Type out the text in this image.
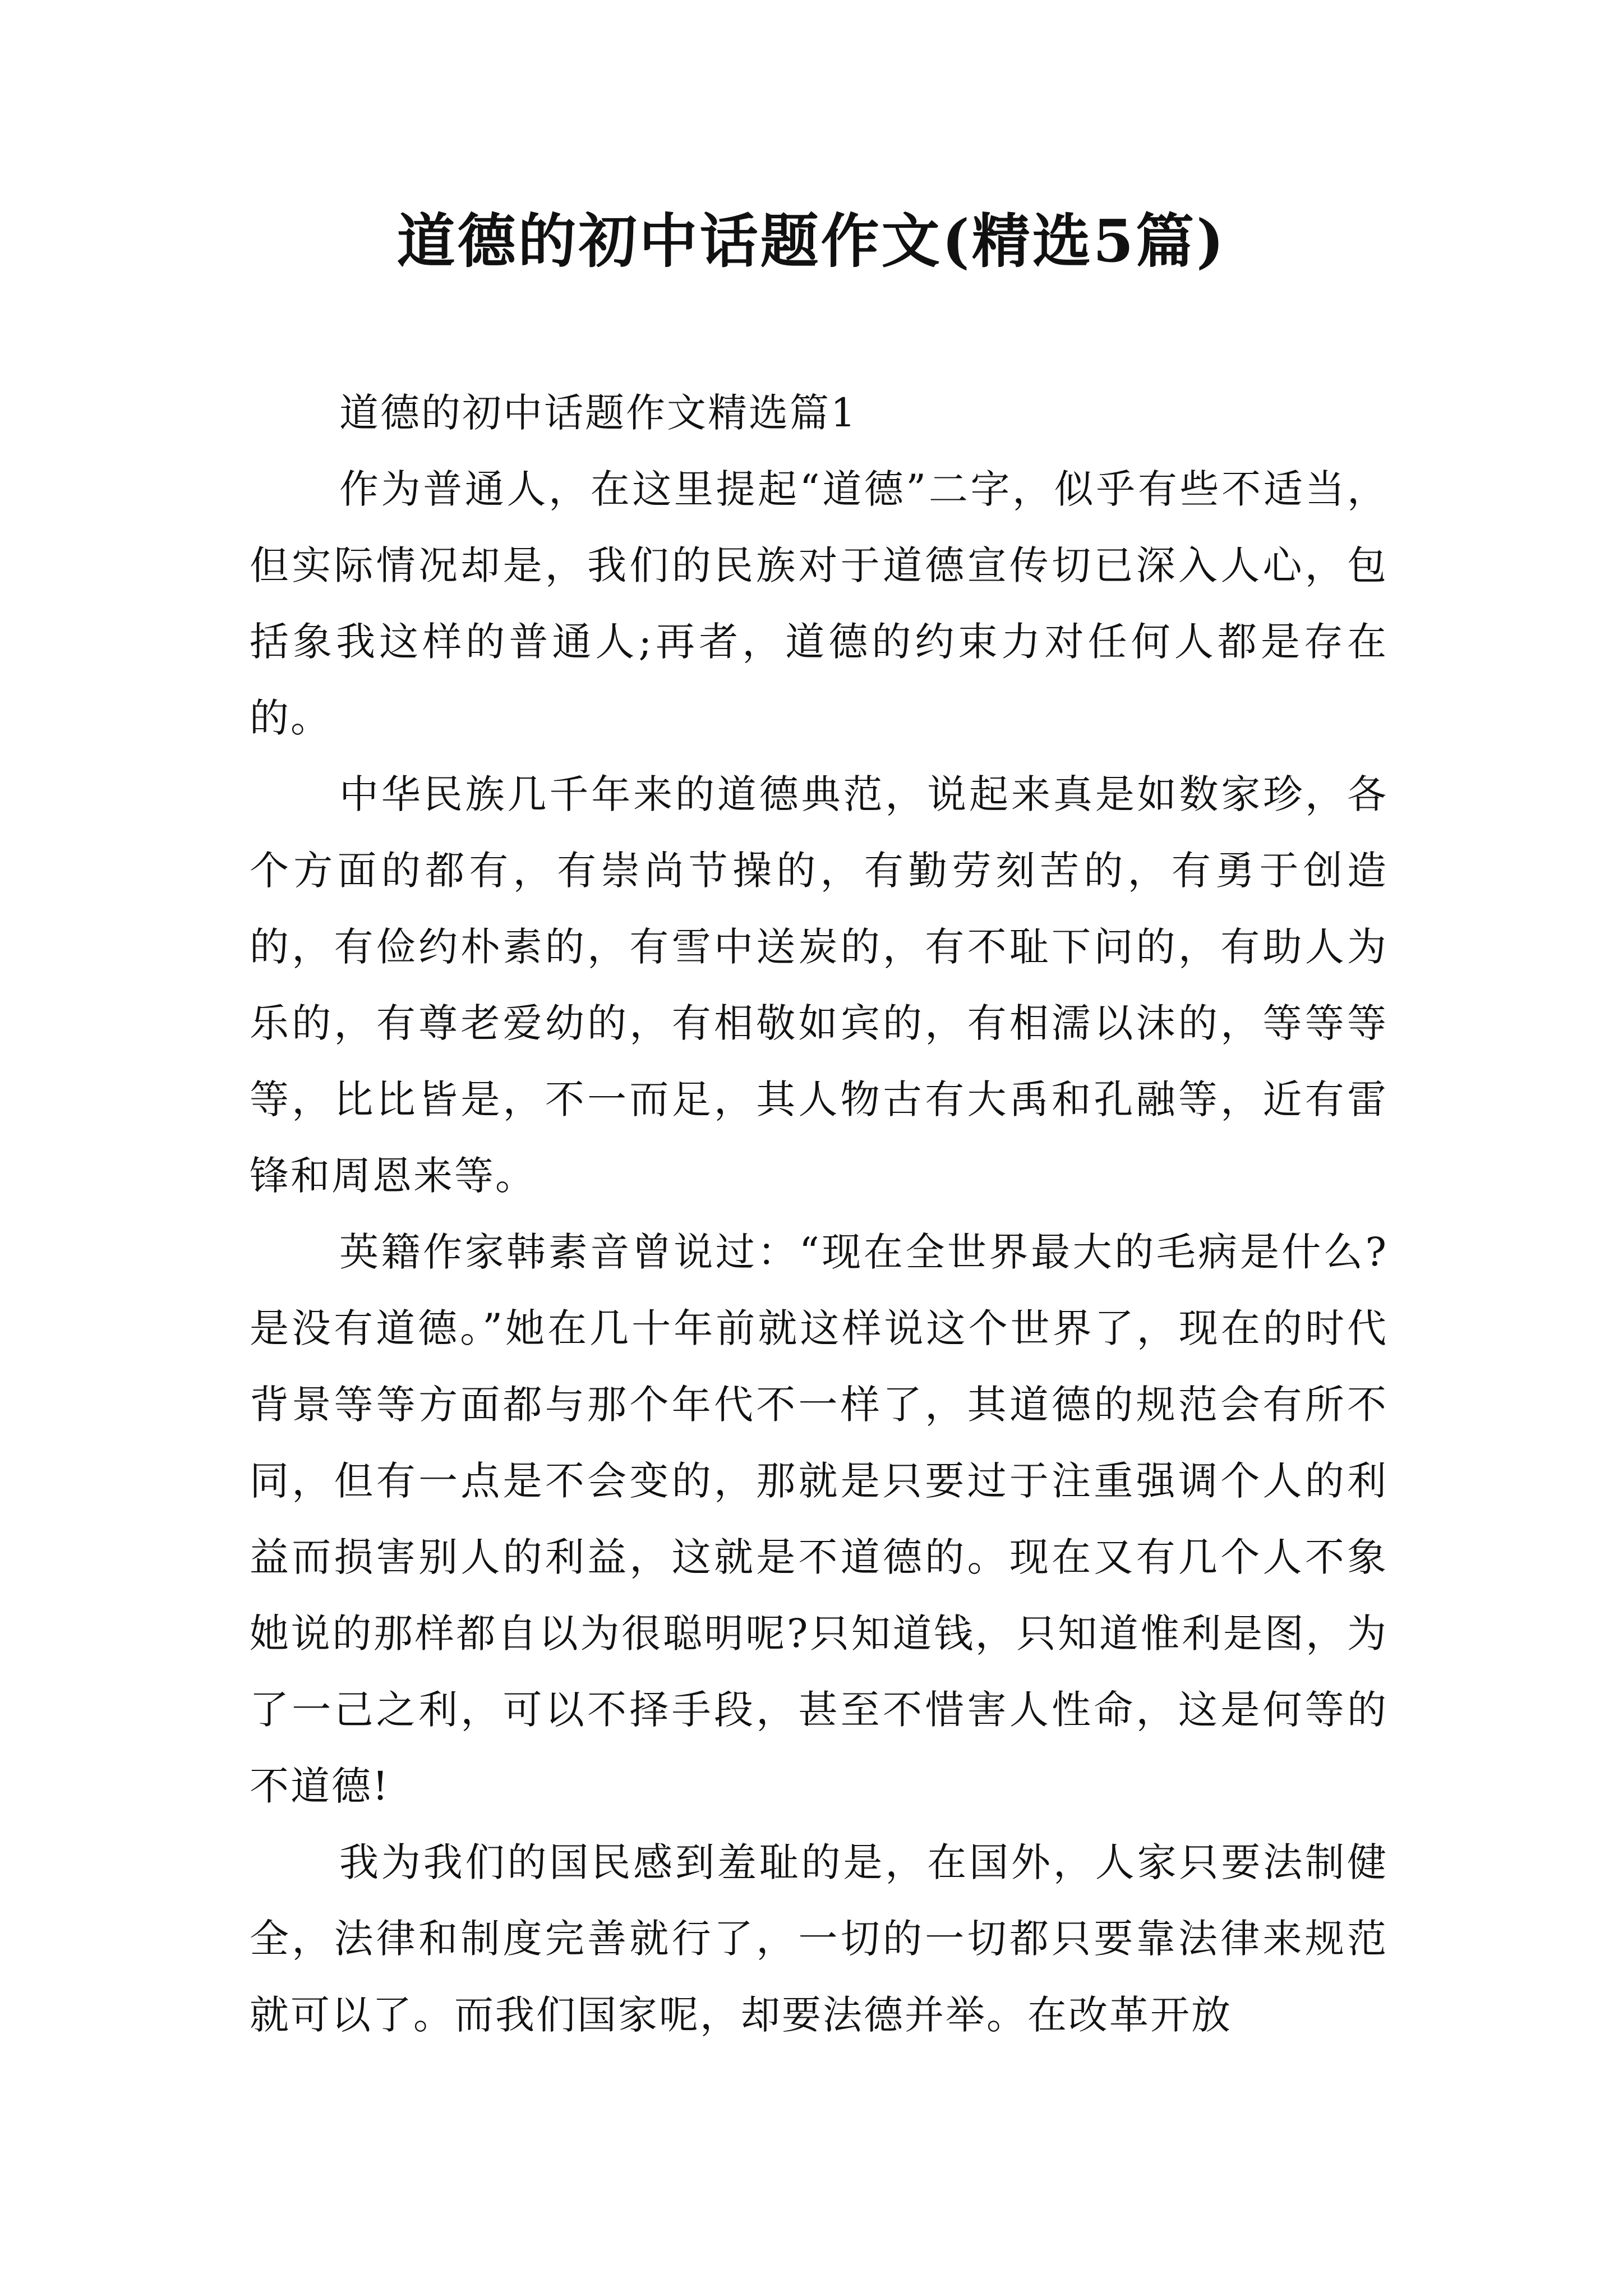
道德的初中话题作文(精选5篇)

道德的初中话题作文精选篇1

作为普通人，在这里提起“道德”二字，似乎有些不适当，但实际情况却是，我们的民族对于道德宣传切已深入人心，包括象我这样的普通人;再者，道德的约束力对任何人都是存在的。

中华民族几千年来的道德典范，说起来真是如数家珍，各个方面的都有，有崇尚节操的，有勤劳刻苦的，有勇于创造的，有俭约朴素的，有雪中送炭的，有不耻下问的，有助人为乐的，有尊老爱幼的，有相敬如宾的，有相濡以沫的，等等等等，比比皆是，不一而足，其人物古有大禹和孔融等，近有雷锋和周恩来等。

英籍作家韩素音曾说过：“现在全世界最大的毛病是什么?是没有道德。”她在几十年前就这样说这个世界了，现在的时代背景等等方面都与那个年代不一样了，其道德的规范会有所不同，但有一点是不会变的，那就是只要过于注重强调个人的利益而损害别人的利益，这就是不道德的。现在又有几个人不象她说的那样都自以为很聪明呢?只知道钱，只知道惟利是图，为了一己之利，可以不择手段，甚至不惜害人性命，这是何等的不道德!

我为我们的国民感到羞耻的是，在国外，人家只要法制健全，法律和制度完善就行了，一切的一切都只要靠法律来规范就可以了。而我们国家呢，却要法德并举。在改革开放
